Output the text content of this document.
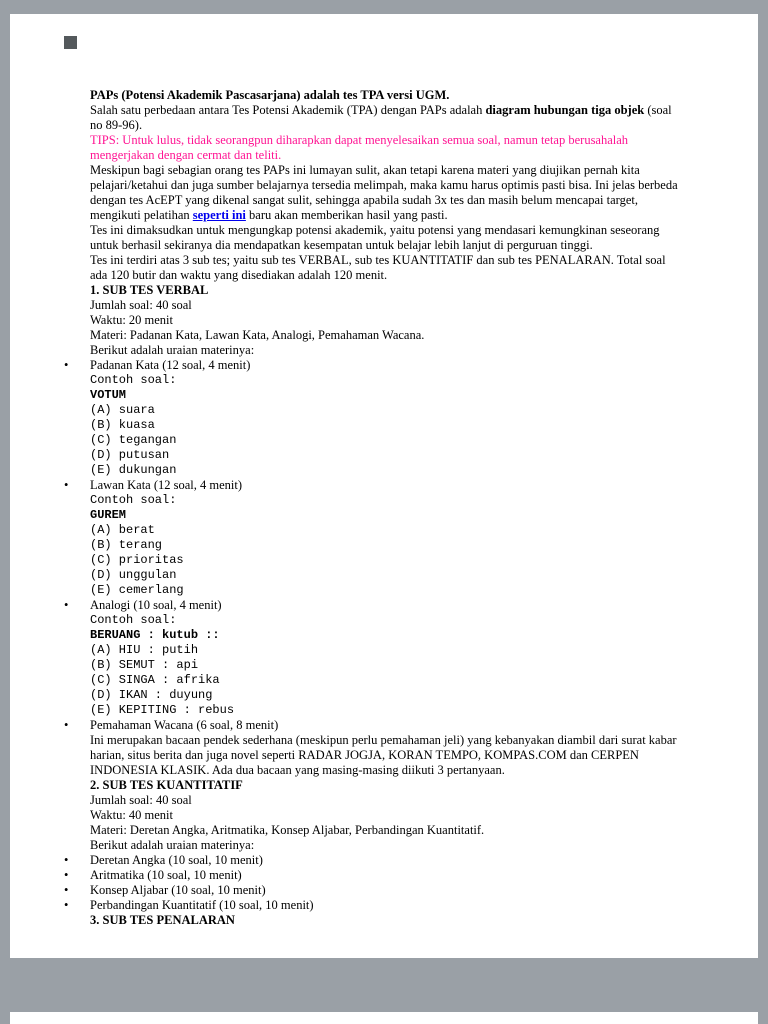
PAPs (Potensi Akademik Pascasarjana) adalah tes TPA versi UGM.

Salah satu perbedaan antara Tes Potensi Akademik (TPA) dengan PAPs adalah diagram hubungan tiga objek (soal no 89-96).

TIPS: Untuk lulus, tidak seorangpun diharapkan dapat menyelesaikan semua soal, namun tetap berusahalah mengerjakan dengan cermat dan teliti.

Meskipun bagi sebagian orang tes PAPs ini lumayan sulit, akan tetapi karena materi yang diujikan pernah kita pelajari/ketahui dan juga sumber belajarnya tersedia melimpah, maka kamu harus optimis pasti bisa. Ini jelas berbeda dengan tes AcEPT yang dikenal sangat sulit, sehingga apabila sudah 3x tes dan masih belum mencapai target, mengikuti pelatihan seperti ini baru akan memberikan hasil yang pasti.

Tes ini dimaksudkan untuk mengungkap potensi akademik, yaitu potensi yang mendasari kemungkinan seseorang untuk berhasil sekiranya dia mendapatkan kesempatan untuk belajar lebih lanjut di perguruan tinggi.

Tes ini terdiri atas 3 sub tes; yaitu sub tes VERBAL, sub tes KUANTITATIF dan sub tes PENALARAN. Total soal ada 120 butir dan waktu yang disediakan adalah 120 menit.

1. SUB TES VERBAL

Jumlah soal: 40 soal

Waktu: 20 menit

Materi: Padanan Kata, Lawan Kata, Analogi, Pemahaman Wacana.

Berikut adalah uraian materinya:

•	Padanan Kata (12 soal, 4 menit)

Contoh soal:
VOTUM
(A) suara
(B) kuasa
(C) tegangan
(D) putusan
(E) dukungan
•	Lawan Kata (12 soal, 4 menit)

Contoh soal:
GUREM
(A) berat
(B) terang
(C) prioritas
(D) unggulan
(E) cemerlang
•	Analogi (10 soal, 4 menit)

Contoh soal:
BERUANG : kutub ::
(A) HIU : putih
(B) SEMUT : api
(C) SINGA : afrika
(D) IKAN : duyung
(E) KEPITING : rebus
•	Pemahaman Wacana (6 soal, 8 menit)

Ini merupakan bacaan pendek sederhana (meskipun perlu pemahaman jeli) yang kebanyakan diambil dari surat kabar harian, situs berita dan juga novel seperti RADAR JOGJA, KORAN TEMPO, KOMPAS.COM dan CERPEN INDONESIA KLASIK. Ada dua bacaan yang masing-masing diikuti 3 pertanyaan.

2. SUB TES KUANTITATIF

Jumlah soal: 40 soal

Waktu: 40 menit

Materi: Deretan Angka, Aritmatika, Konsep Aljabar, Perbandingan Kuantitatif.

Berikut adalah uraian materinya:

•	Deretan Angka (10 soal, 10 menit)

•	Aritmatika (10 soal, 10 menit)

•	Konsep Aljabar (10 soal, 10 menit)

•	Perbandingan Kuantitatif (10 soal, 10 menit)

3. SUB TES PENALARAN
